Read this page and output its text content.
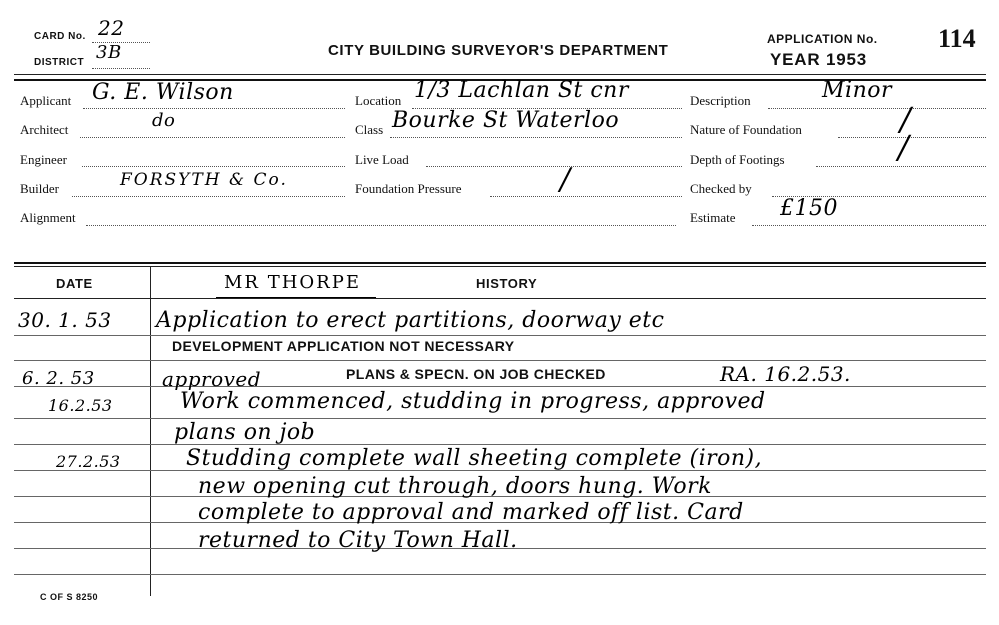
CARD No. 22
DISTRICT 3B	CITY BUILDING SURVEYOR'S DEPARTMENT
APPLICATION No. 114
YEAR 1953
Applicant G. E. Wilson
Architect	do
Engineer
Builder	FORSYTH & Co.
Alignment
Location 1/3 Lachlan St cnr
Class Bourke St Waterloo
Live Load
Foundation Pressure	/
Description	Minor
Nature of Foundation	/
Depth of Footings	/
Checked by
Estimate £150
DATE	HISTORY
MR THORPE
30. 1. 53 Application to erect partitions, doorway etc
DEVELOPMENT APPLICATION NOT NECESSARY
6. 2. 53	approved	PLANS & SPECN. ON JOB CHECKED	RA. 16.2.53.
16.2.53	Work commenced, studding in progress, approved
plans on job
27.2.53	Studding complete wall sheeting complete (iron),
new opening cut through, doors hung. Work
complete to approval and marked off list. Card
returned to City Town Hall.
C OF S 8250
